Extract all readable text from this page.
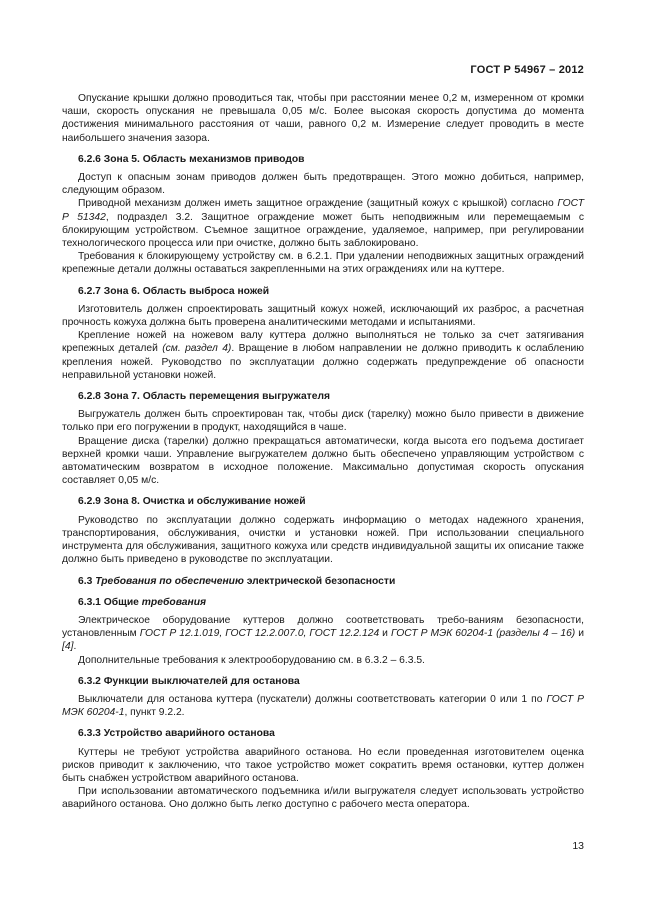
ГОСТ Р 54967 – 2012

Опускание крышки должно проводиться так, чтобы при расстоянии менее 0,2 м, измеренном от кромки чаши, скорость опускания не превышала 0,05 м/с. Более высокая скорость допустима до момента достижения минимального расстояния от чаши, равного 0,2 м. Измерение следует проводить в месте наибольшего значения зазора.

6.2.6 Зона 5. Область механизмов приводов

Доступ к опасным зонам приводов должен быть предотвращен. Этого можно добиться, например, следующим образом.

Приводной механизм должен иметь защитное ограждение (защитный кожух с крышкой) согласно ГОСТ Р 51342, подраздел 3.2. Защитное ограждение может быть неподвижным или перемещаемым с блокирующим устройством. Съемное защитное ограждение, удаляемое, например, при регулировании технологического процесса или при очистке, должно быть заблокировано.

Требования к блокирующему устройству см. в 6.2.1. При удалении неподвижных защитных ограждений крепежные детали должны оставаться закрепленными на этих ограждениях или на куттере.

6.2.7 Зона 6. Область выброса ножей

Изготовитель должен спроектировать защитный кожух ножей, исключающий их разброс, а расчетная прочность кожуха должна быть проверена аналитическими методами и испытаниями.

Крепление ножей на ножевом валу куттера должно выполняться не только за счет затягивания крепежных деталей (см. раздел 4). Вращение в любом направлении не должно приводить к ослаблению крепления ножей. Руководство по эксплуатации должно содержать предупреждение об опасности неправильной установки ножей.

6.2.8 Зона 7. Область перемещения выгружателя

Выгружатель должен быть спроектирован так, чтобы диск (тарелку) можно было привести в движение только при его погружении в продукт, находящийся в чаше.

Вращение диска (тарелки) должно прекращаться автоматически, когда высота его подъема достигает верхней кромки чаши. Управление выгружателем должно быть обеспечено управляющим устройством с автоматическим возвратом в исходное положение. Максимально допустимая скорость опускания составляет 0,05 м/с.

6.2.9 Зона 8. Очистка и обслуживание ножей

Руководство по эксплуатации должно содержать информацию о методах надежного хранения, транспортирования, обслуживания, очистки и установки ножей. При использовании специального инструмента для обслуживания, защитного кожуха или средств индивидуальной защиты их описание также должно быть приведено в руководстве по эксплуатации.

6.3 Требования по обеспечению электрической безопасности
6.3.1 Общие требования

Электрическое оборудование куттеров должно соответствовать требо-ваниям безопасности, установленным ГОСТ Р 12.1.019, ГОСТ 12.2.007.0, ГОСТ 12.2.124 и ГОСТ Р МЭК 60204-1 (разделы 4 – 16) и [4].

Дополнительные требования к электрооборудованию см. в 6.3.2 – 6.3.5.

6.3.2 Функции выключателей для останова

Выключатели для останова куттера (пускатели) должны соответствовать категории 0 или 1 по ГОСТ Р МЭК 60204-1, пункт 9.2.2.

6.3.3 Устройство аварийного останова

Куттеры не требуют устройства аварийного останова. Но если проведенная изготовителем оценка рисков приводит к заключению, что такое устройство может сократить время остановки, куттер должен быть снабжен устройством аварийного останова.

При использовании автоматического подъемника и/или выгружателя следует использовать устройство аварийного останова. Оно должно быть легко доступно с рабочего места оператора.

13
